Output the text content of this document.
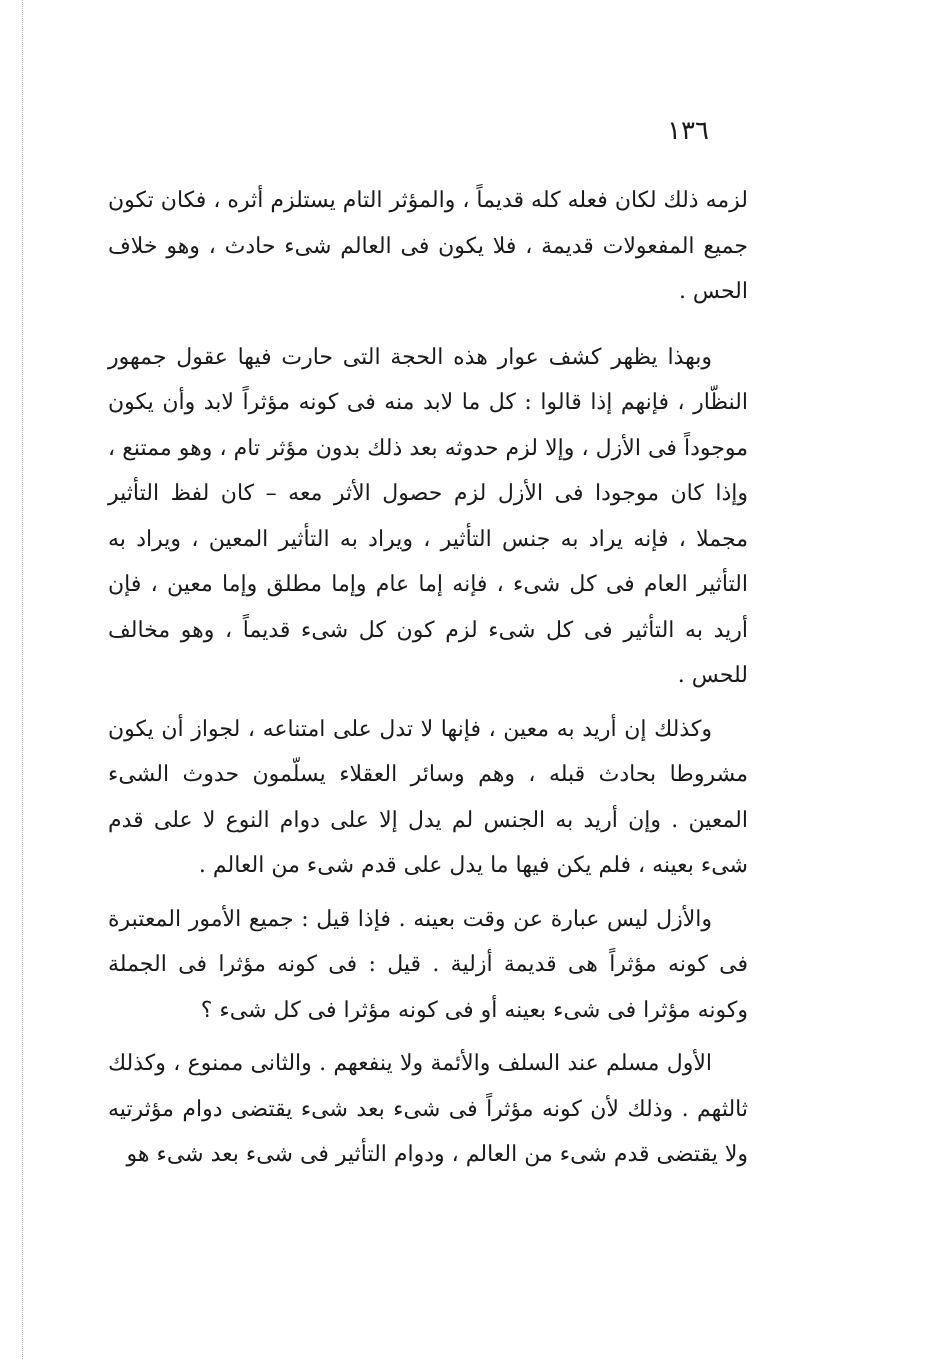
١٣٦

لزمه ذلك لكان فعله كله قديماً ، والمؤثر التام يستلزم أثره ، فكان تكون جميع المفعولات قديمة ، فلا يكون فى العالم شىء حادث ، وهو خلاف الحس .

وبهذا يظهر كشف عوار هذه الحجة التى حارت فيها عقول جمهور النظّار ، فإنهم إذا قالوا : كل ما لابد منه فى كونه مؤثراً لابد وأن يكون موجوداً فى الأزل ، وإلا لزم حدوثه بعد ذلك بدون مؤثر تام ، وهو ممتنع ، وإذا كان موجودا فى الأزل لزم حصول الأثر معه – كان لفظ التأثير مجملا ، فإنه يراد به جنس التأثير ، ويراد به التأثير المعين ، ويراد به التأثير العام فى كل شىء ، فإنه إما عام وإما مطلق وإما معين ، فإن أريد به التأثير فى كل شىء لزم كون كل شىء قديماً ، وهو مخالف للحس .

وكذلك إن أريد به معين ، فإنها لا تدل على امتناعه ، لجواز أن يكون مشروطا بحادث قبله ، وهم وسائر العقلاء يسلّمون حدوث الشىء المعين . وإن أريد به الجنس لم يدل إلا على دوام النوع لا على قدم شىء بعينه ، فلم يكن فيها ما يدل على قدم شىء من العالم .

والأزل ليس عبارة عن وقت بعينه . فإذا قيل : جميع الأمور المعتبرة فى كونه مؤثراً هى قديمة أزلية . قيل : فى كونه مؤثرا فى الجملة وكونه مؤثرا فى شىء بعينه أو فى كونه مؤثرا فى كل شىء ؟

الأول مسلم عند السلف والأئمة ولا ينفعهم . والثانى ممنوع ، وكذلك ثالثهم . وذلك لأن كونه مؤثراً فى شىء بعد شىء يقتضى دوام مؤثرتيه ولا يقتضى قدم شىء من العالم ، ودوام التأثير فى شىء بعد شىء هو
